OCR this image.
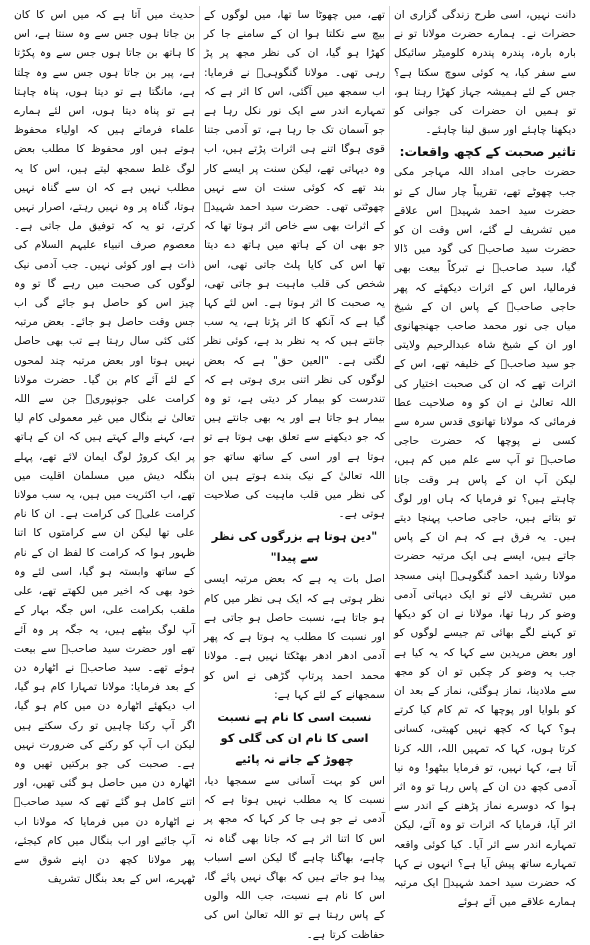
دانت نہیں، اسی طرح زندگی گزاری ان حضرات نے۔ ہمارے حضرت مولانا تو نے بارہ بارہ، پندرہ پندرہ کلومیٹر سائیکل سے سفر کیا، یہ کوئی سوچ سکتا ہے؟ جس کے لئے ہمیشہ جہاز کھڑا رہتا ہو، تو ہمیں ان حضرات کی جوانی کو دیکھنا چاہئے اور سبق لینا چاہئے۔

تاثیر صحبت کے کچھ واقعات:

حضرت حاجی امداد اللہ مہاجر مکی جب چھوٹے تھے، تقریباً چار سال کے تو حضرت سید احمد شہیدؒ اس علاقے میں تشریف لے گئے، اس وقت ان کو حضرت سید صاحبؒ کی گود میں ڈالا گیا، سید صاحبؒ نے تبرکاً بیعت بھی فرمالیا، اس کے اثرات دیکھئے کہ پھر حاجی صاحبؒ کے پاس ان کے شیخ میاں جی نور محمد صاحب جھنجھانوی اور ان کے شیخ شاہ عبدالرحیم ولایتی جو سید صاحبؒ کے خلیفہ تھے، اس کے اثرات تھے کہ ان کی صحبت اختیار کی اللہ تعالیٰ نے ان کو وہ صلاحیت عطا فرمائی کہ مولانا تھانوی قدس سرہ سے کسی نے پوچھا کہ حضرت حاجی صاحبؒ تو آپ سے علم میں کم ہیں، لیکن آپ ان کے پاس ہر وقت جانا چاہتے ہیں؟ تو فرمایا کہ ہاں اور لوگ تو بتاتے ہیں، حاجی صاحب پہنچا دیتے ہیں۔ یہ فرق ہے کہ ہم ان کے پاس جاتے ہیں، ایسے ہی ایک مرتبہ حضرت مولانا رشید احمد گنگوہیؒ اپنی مسجد میں تشریف لائے تو ایک دیہاتی آدمی وضو کر رہا تھا، مولانا نے ان کو دیکھا تو کہنے لگے بھائی تم جیسے لوگوں کو اور بعض مریدین سے کہا کہ یہ کیا ہے جب یہ وضو کر چکیں تو ان کو مجھ سے ملادینا، نماز ہوگئی، نماز کے بعد ان کو بلوایا اور پوچھا کہ تم کام کیا کرتے ہو؟ کہا کہ کچھ نہیں کھیتی، کسانی کرتا ہوں، کہا کہ تمہیں اللہ، اللہ کرنا آتا ہے، کہا نہیں، تو فرمایا بیٹھو! وہ نیا آدمی کچھ دن ان کے پاس رہا تو وہ اثر ہوا کہ دوسرے نماز پڑھنے کے اندر سے اثر آیا، فرمایا کہ اثرات تو وہ آئے، لیکن تمہارے اندر سے اثر آیا۔ کیا کوئی واقعہ تمہارے ساتھ پیش آیا ہے؟ انہوں نے کہا کہ حضرت سید احمد شہیدؒ ایک مرتبہ ہمارے علاقے میں آئے ہوئے

تھے، میں چھوٹا سا تھا، میں لوگوں کے بیچ سے نکلتا ہوا ان کے سامنے جا کر کھڑا ہو گیا، ان کی نظر مجھ پر پڑ رہی تھی۔ مولانا گنگوہیؒ نے فرمایا: اب سمجھ میں آگئی، اس کا اثر ہے کہ تمہارے اندر سے ایک نور نکل رہا ہے جو آسمان تک جا رہا ہے، تو آدمی جتنا قوی ہوگا اتنے ہی اثرات پڑتے ہیں، اب وہ دیہاتی تھے، لیکن سنت پر ایسے کار بند تھے کہ کوئی سنت ان سے نہیں چھوٹتی تھی۔ حضرت سید احمد شہیدؒ کے اثرات بھی سے خاص اثر ہوتا تھا کہ جو بھی ان کے ہاتھ میں ہاتھ دے دیتا تھا اس کی کایا پلٹ جاتی تھی، اس شخص کی قلب ماہیت ہو جاتی تھی، یہ صحبت کا اثر ہوتا ہے۔ اس لئے کہا گیا ہے کہ آنکھ کا اثر پڑتا ہے، یہ سب جانتے ہیں کہ یہ نظر بد ہے، کوئی نظر لگتی ہے۔ "العین حق" ہے کہ بعض لوگوں کی نظر اتنی بری ہوتی ہے کہ تندرست کو بیمار کر دیتی ہے، تو وہ بیمار ہو جاتا ہے اور یہ بھی جانتے ہیں کہ جو دیکھنے سے تعلق بھی ہوتا ہے تو ہوتا ہے اور اسی کے ساتھ ساتھ جو اللہ تعالیٰ کے نیک بندے ہوتے ہیں ان کی نظر میں قلب ماہیت کی صلاحیت ہوتی ہے۔

"دین ہوتا ہے بزرگوں کی نظر سے پیدا"

اصل بات یہ ہے کہ بعض مرتبہ ایسی نظر ہوتی ہے کہ ایک ہی نظر میں کام ہو جاتا ہے، نسبت حاصل ہو جاتی ہے اور نسبت کا مطلب یہ ہوتا ہے کہ پھر آدمی ادھر ادھر بھٹکتا نہیں ہے۔ مولانا محمد احمد پرتاپ گڑھی نے اس کو سمجھانے کے لئے کہا ہے:

نسبت اسی کا نام ہے نسبت اسی کا نام ان کی گلی کو چھوڑ کے جانے نہ پائیے

اس کو بہت آسانی سے سمجھا دیا، نسبت کا یہ مطلب نہیں ہوتا ہے کہ آدمی نے جو ہی جا کر کہا کہ مجھ پر اس کا اتنا اثر ہے کہ جانا بھی گناہ نہ چاہے، بھاگنا چاہے گا لیکن اسے اسباب پیدا ہو جاتے ہیں کہ بھاگ نہیں پائے گا، اس کا نام ہے نسبت، جب اللہ والوں کے پاس رہتا ہے تو اللہ تعالیٰ اس کی حفاظت کرتا ہے۔

حدیث میں آتا ہے کہ میں اس کا کان بن جاتا ہوں جس سے وہ سنتا ہے، اس کا ہاتھ بن جاتا ہوں جس سے وہ پکڑتا ہے، پیر بن جاتا ہوں جس سے وہ چلتا ہے، مانگتا ہے تو دیتا ہوں، پناہ چاہتا ہے تو پناہ دیتا ہوں، اس لئے ہمارے علماء فرماتے ہیں کہ اولیاء محفوظ ہوتے ہیں اور محفوظ کا مطلب بعض لوگ غلط سمجھ لیتے ہیں، اس کا یہ مطلب نہیں ہے کہ ان سے گناہ نہیں ہوتا، گناہ پر وہ نہیں رہتے، اصرار نہیں کرتے، تو یہ کہ توفیق مل جاتی ہے۔ معصوم صرف انبیاء علیہم السلام کی ذات ہے اور کوئی نہیں۔ جب آدمی نیک لوگوں کی صحبت میں رہے گا تو وہ چیز اس کو حاصل ہو جائے گی اب جس وقت حاصل ہو جائے۔ بعض مرتبہ کئی کئی سال رہتا ہے تب بھی حاصل نہیں ہوتا اور بعض مرتبہ چند لمحوں کے لئے آئے کام بن گیا۔ حضرت مولانا کرامت علی جونپوریؒ جن سے اللہ تعالیٰ نے بنگال میں غیر معمولی کام لیا ہے، کہنے والے کہتے ہیں کہ ان کے ہاتھ پر ایک کروڑ لوگ ایمان لائے تھے، پہلے بنگلہ دیش میں مسلمان اقلیت میں تھے، اب اکثریت میں ہیں، یہ سب مولانا کرامت علیؒ کی کرامت ہے۔ ان کا نام علی تھا لیکن ان سے کرامتوں کا اتنا ظہور ہوا کہ کرامت کا لفظ ان کے نام کے ساتھ وابستہ ہو گیا، اسی لئے وہ خود بھی کہ اخیر میں لکھتے تھے، علی ملقب بکرامت علی، اس جگہ بہار کے آپ لوگ بیٹھے ہیں، یہ جگہ پر وہ آئے تھے اور حضرت سید صاحبؒ سے بیعت ہوئے تھے۔ سید صاحبؒ نے اٹھارہ دن کے بعد فرمایا: مولانا تمہارا کام ہو گیا، اب دیکھئے اٹھارہ دن میں کام ہو گیا، اگر آپ رکنا چاہیں تو رک سکتے ہیں لیکن اب آپ کو رکنے کی ضرورت نہیں ہے۔ صحبت کی جو برکتیں تھیں وہ اٹھارہ دن میں حاصل ہو گئی تھیں، اور اتنے کامل ہو گئے تھے کہ سید صاحبؒ نے اٹھارہ دن میں فرمایا کہ مولانا اب آپ جائیے اور اب بنگال میں کام کیجئے، پھر مولانا کچھ دن اپنے شوق سے ٹھہرے، اس کے بعد بنگال تشریف
